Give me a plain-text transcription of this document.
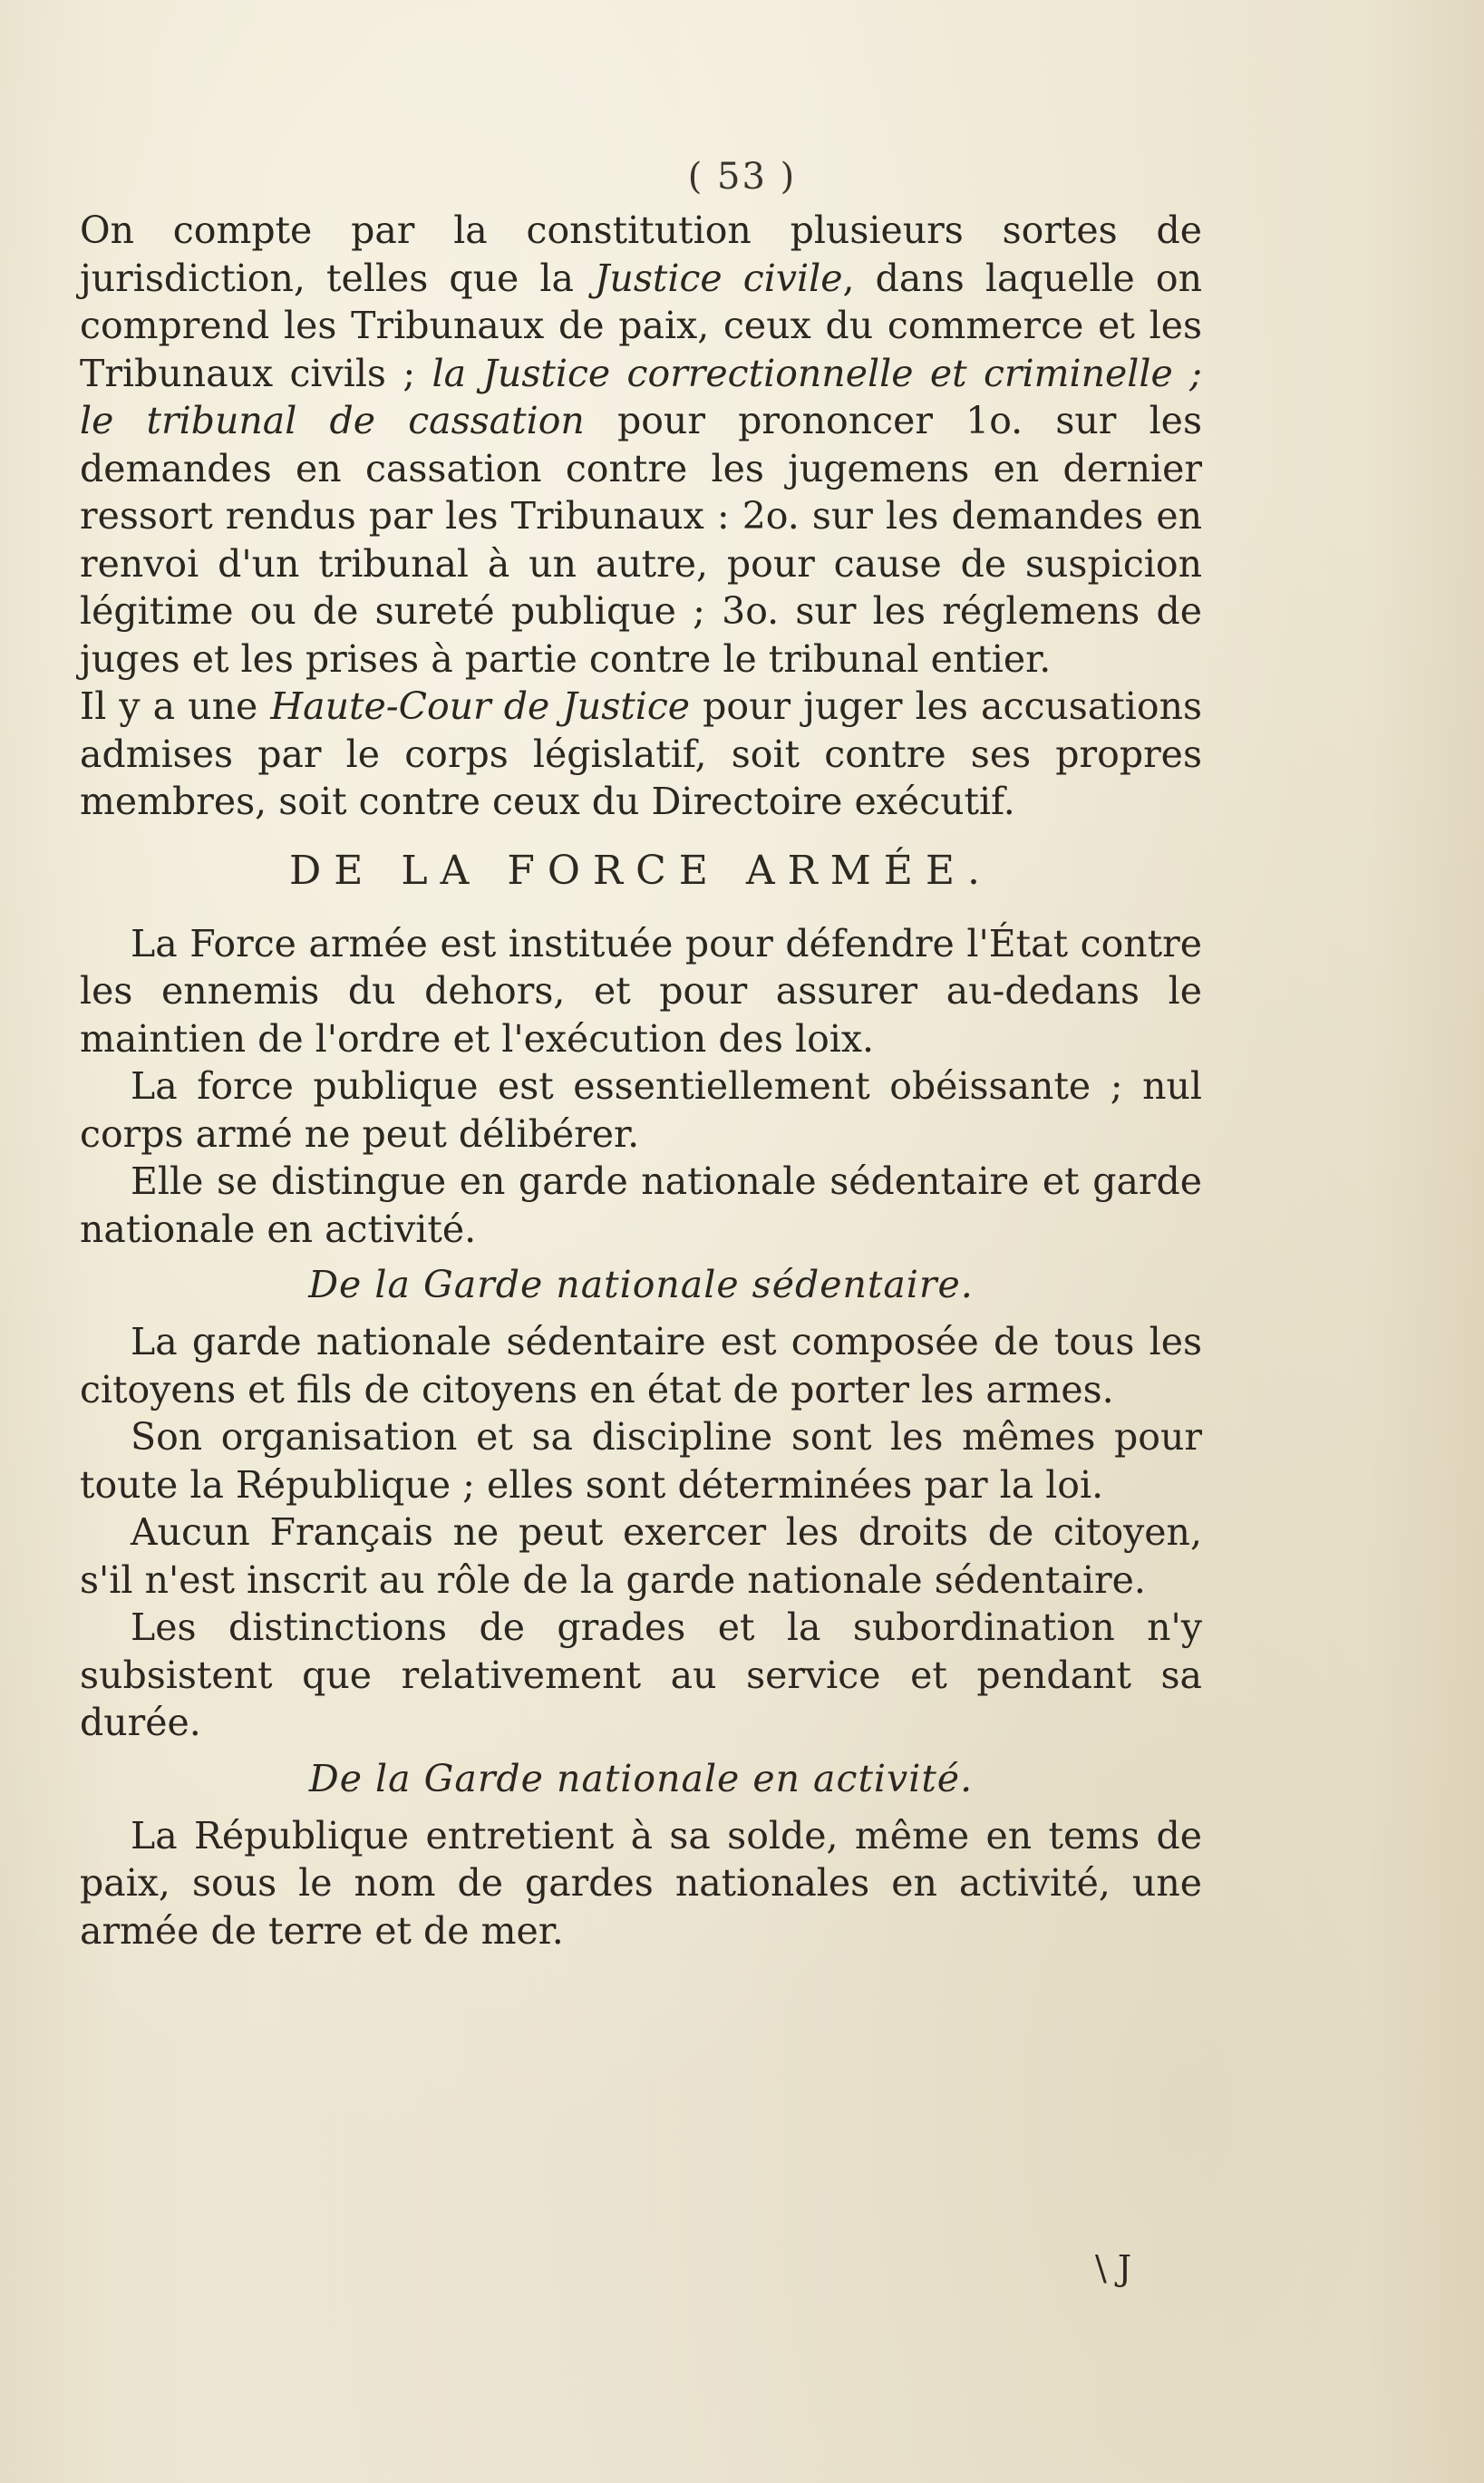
( 53 )

On compte par la constitution plusieurs sortes de jurisdiction, telles que la Justice civile, dans laquelle on comprend les Tribunaux de paix, ceux du commerce et les Tribunaux civils ; la Justice correctionnelle et criminelle ; le tribunal de cassation pour prononcer 1o. sur les demandes en cassation contre les jugemens en dernier ressort rendus par les Tribunaux : 2o. sur les demandes en renvoi d'un tribunal à un autre, pour cause de suspicion légitime ou de sureté publique ; 3o. sur les réglemens de juges et les prises à partie contre le tribunal entier.

Il y a une Haute-Cour de Justice pour juger les accusations admises par le corps législatif, soit contre ses propres membres, soit contre ceux du Directoire exécutif.

DE LA FORCE ARMÉE.

La Force armée est instituée pour défendre l'État contre les ennemis du dehors, et pour assurer au-dedans le maintien de l'ordre et l'exécution des loix.

La force publique est essentiellement obéissante ; nul corps armé ne peut délibérer.

Elle se distingue en garde nationale sédentaire et garde nationale en activité.

De la Garde nationale sédentaire.

La garde nationale sédentaire est composée de tous les citoyens et fils de citoyens en état de porter les armes.

Son organisation et sa discipline sont les mêmes pour toute la République ; elles sont déterminées par la loi.

Aucun Français ne peut exercer les droits de citoyen, s'il n'est inscrit au rôle de la garde nationale sédentaire.

Les distinctions de grades et la subordination n'y subsistent que relativement au service et pendant sa durée.

De la Garde nationale en activité.

La République entretient à sa solde, même en tems de paix, sous le nom de gardes nationales en activité, une armée de terre et de mer.

\ J
